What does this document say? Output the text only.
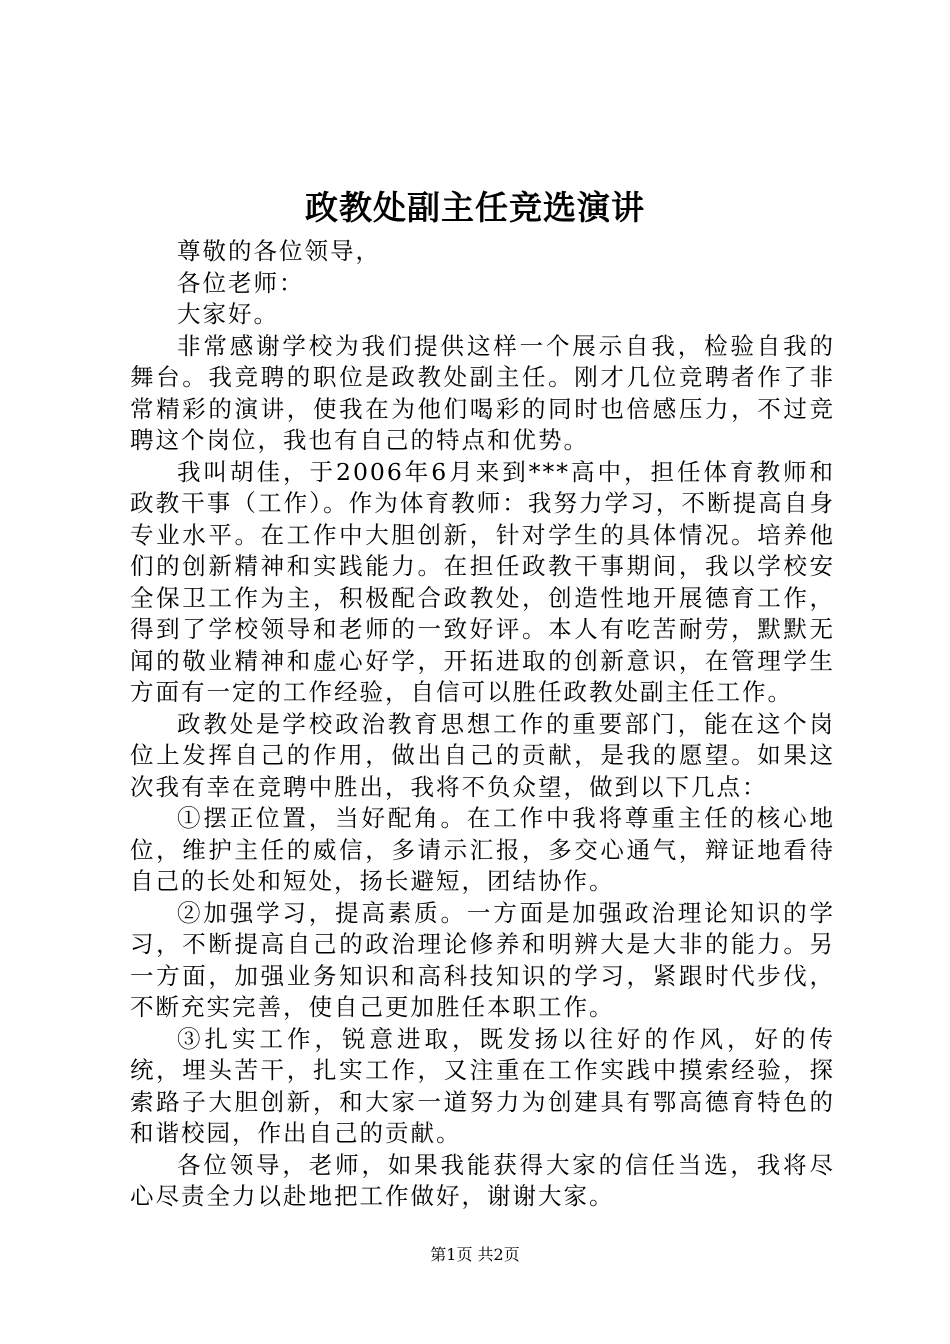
政教处副主任竞选演讲

尊敬的各位领导，

各位老师：

大家好。

非常感谢学校为我们提供这样一个展示自我，检验自我的舞台。我竞聘的职位是政教处副主任。刚才几位竞聘者作了非常精彩的演讲，使我在为他们喝彩的同时也倍感压力，不过竞聘这个岗位，我也有自己的特点和优势。

我叫胡佳，于2006年6月来到***高中，担任体育教师和政教干事（工作）。作为体育教师：我努力学习，不断提高自身专业水平。在工作中大胆创新，针对学生的具体情况。培养他们的创新精神和实践能力。在担任政教干事期间，我以学校安全保卫工作为主，积极配合政教处，创造性地开展德育工作，得到了学校领导和老师的一致好评。本人有吃苦耐劳，默默无闻的敬业精神和虚心好学，开拓进取的创新意识，在管理学生方面有一定的工作经验，自信可以胜任政教处副主任工作。

政教处是学校政治教育思想工作的重要部门，能在这个岗位上发挥自己的作用，做出自己的贡献，是我的愿望。如果这次我有幸在竞聘中胜出，我将不负众望，做到以下几点：

①摆正位置，当好配角。在工作中我将尊重主任的核心地位，维护主任的威信，多请示汇报，多交心通气，辩证地看待自己的长处和短处，扬长避短，团结协作。

②加强学习，提高素质。一方面是加强政治理论知识的学习，不断提高自己的政治理论修养和明辨大是大非的能力。另一方面，加强业务知识和高科技知识的学习，紧跟时代步伐，不断充实完善，使自己更加胜任本职工作。

③扎实工作，锐意进取，既发扬以往好的作风，好的传统，埋头苦干，扎实工作，又注重在工作实践中摸索经验，探索路子大胆创新，和大家一道努力为创建具有鄂高德育特色的和谐校园，作出自己的贡献。

各位领导，老师，如果我能获得大家的信任当选，我将尽心尽责全力以赴地把工作做好，谢谢大家。

第1页 共2页
